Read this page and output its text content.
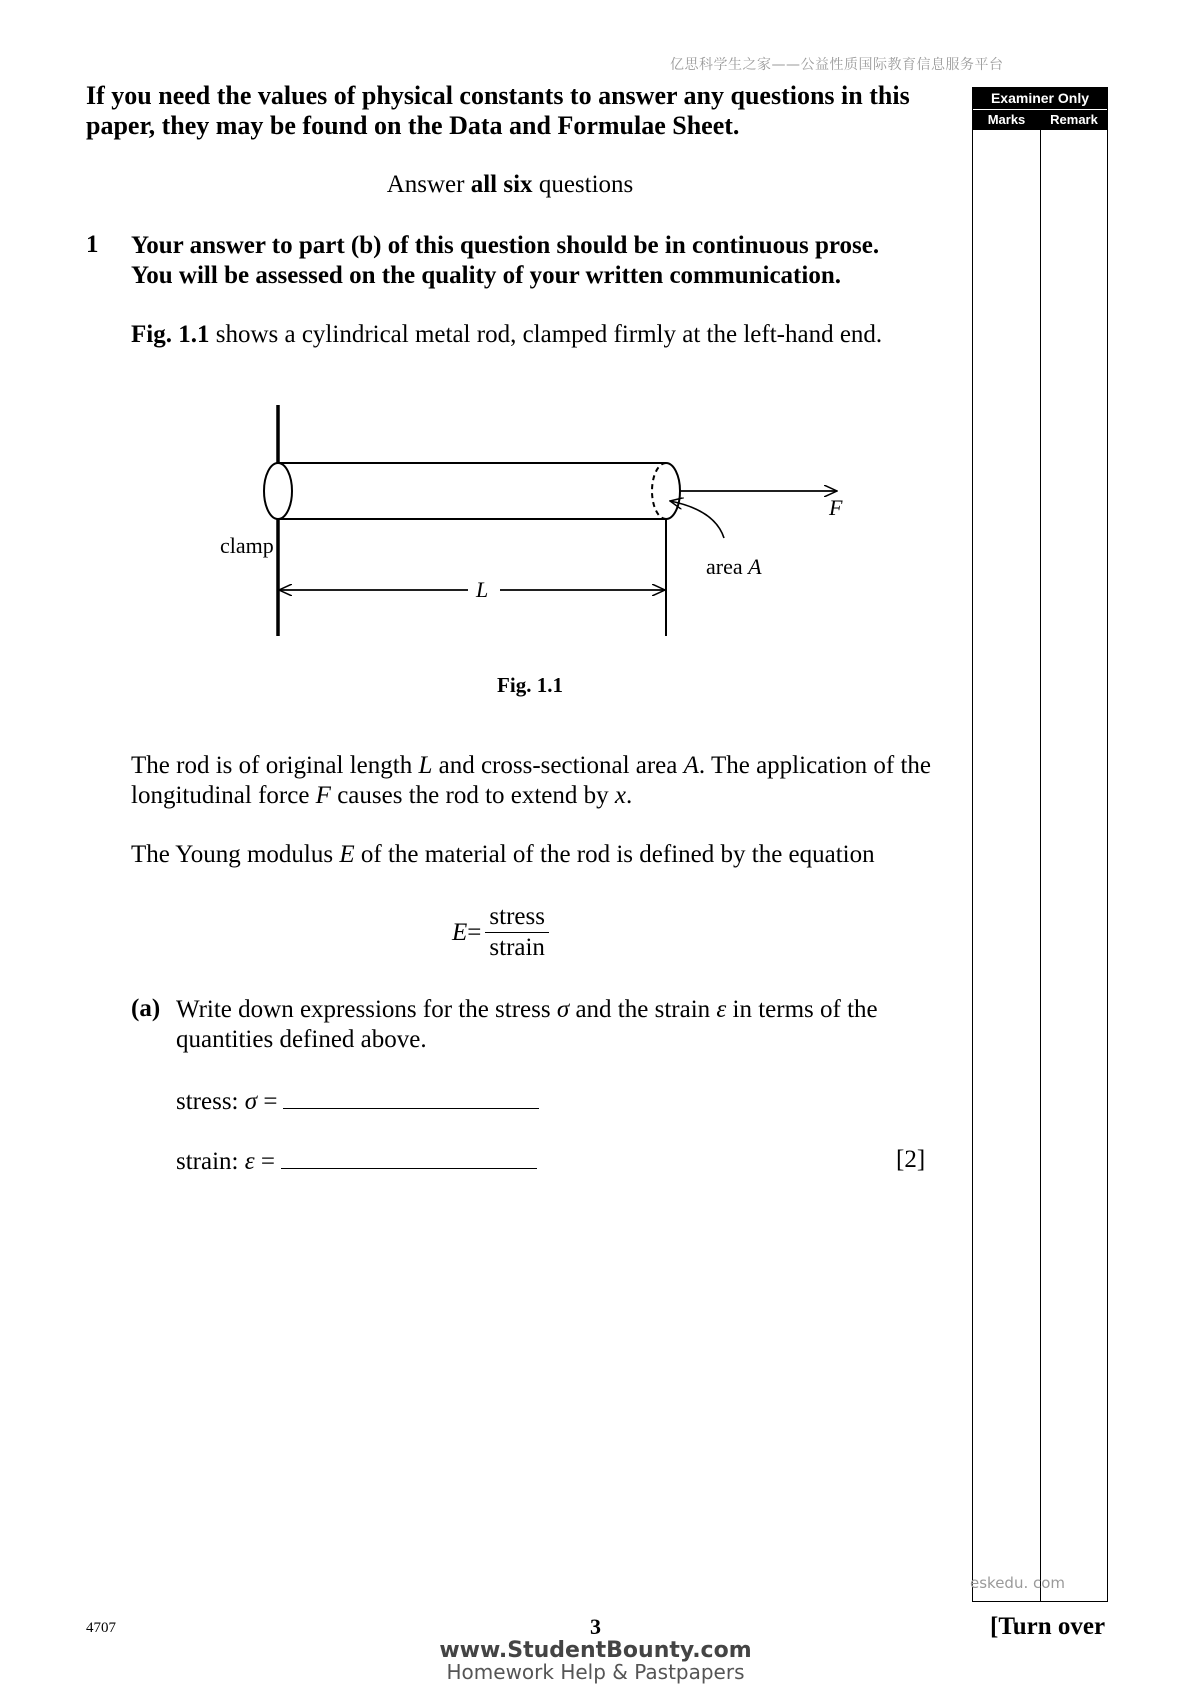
亿思科学生之家——公益性质国际教育信息服务平台
If you need the values of physical constants to answer any questions in this paper, they may be found on the Data and Formulae Sheet.
Answer all six questions
1 Your answer to part (b) of this question should be in continuous prose.
You will be assessed on the quality of your written communication.
Fig. 1.1 shows a cylindrical metal rod, clamped firmly at the left-hand end.
clamp
F
area A
L
Fig. 1.1
The rod is of original length L and cross-sectional area A. The application of the longitudinal force F causes the rod to extend by x.
The Young modulus E of the material of the rod is defined by the equation
$E = \frac{\text{stress}}{\text{strain}}$
(a) Write down expressions for the stress σ and the strain ε in terms of the quantities defined above.
stress: σ =
strain: ε =	[2]
Examiner Only
Marks	Remark
eskedu. com
4707	3	[Turn over
www.StudentBounty.com
Homework Help & Pastpapers
